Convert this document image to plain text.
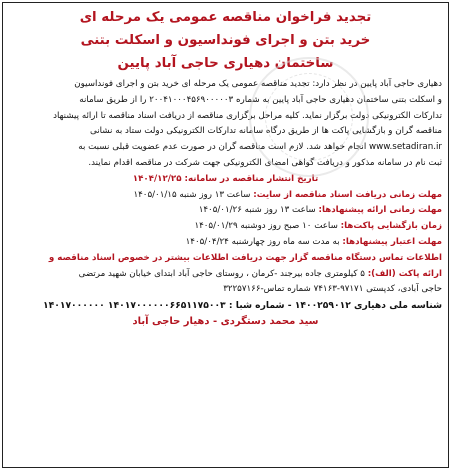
تجدید فراخوان مناقصه عمومی یک مرحله ای
خرید بتن و اجرای فونداسیون و اسکلت بتنی
ساختمان دهیاری حاجی آباد پایین
دهیاری حاجی آباد پایین در نظر دارد: تجدید مناقصه عمومی یک مرحله ای خرید بتن و اجرای فونداسیون
و اسکلت بتنی ساختمان دهیاری حاجی آباد پایین به شماره ۲۰۰۴۱۰۰۰۴۵۶۹۰۰۰۰۰۳ را از طریق سامانه
تدارکات الکترونیکی دولت برگزار نماید. کلیه مراحل برگزاری مناقصه از دریافت اسناد مناقصه تا ارائه پیشنهاد
مناقصه گران و بازگشایی پاکت ها از طریق درگاه سامانه تدارکات الکترونیکی دولت ستاد به نشانی
www.setadiran.ir انجام خواهد شد. لازم است مناقصه گران در صورت عدم عضویت قبلی نسبت به
ثبت نام در سامانه مذکور و دریافت گواهی امضای الکترونیکی جهت شرکت در مناقصه اقدام نمایند.
تاریخ انتشار مناقصه در سامانه: ۱۴۰۴/۱۲/۲۵
مهلت زمانی دریافت اسناد مناقصه از سایت: ساعت ۱۳ روز شنبه ۱۴۰۵/۰۱/۱۵
مهلت زمانی ارائه پیشنهادها: ساعت ۱۳ روز شنبه ۱۴۰۵/۰۱/۲۶
زمان بازگشایی پاکت‌ها: ساعت ۱۰ صبح روز دوشنبه ۱۴۰۵/۰۱/۲۹
مهلت اعتبار پیشنهادها: به مدت سه ماه روز چهارشنبه ۱۴۰۵/۰۴/۲۴
اطلاعات تماس دستگاه مناقصه گزار جهت دریافت اطلاعات بیشتر در خصوص اسناد مناقصه و
ارائه پاکت (الف): ۵ کیلومتری جاده بیرجند -کرمان ، روستای حاجی آباد ابتدای خیابان شهید مرتضی
حاجی آبادی، کدپستی ۹۷۱۷۱-۷۴۱۶۳ شماره تماس-۳۲۲۵۷۱۶۶
شناسه ملی دهیاری ۱۴۰۰۲۵۹۰۱۲ - شماره شبا : ۱۴۰۱۷۰۰۰۰۰۰۶۶۵۱۱۷۵۰۰۳ ۱۴۰۱۷۰۰۰۰۰۰
سید محمد دستگردی - دهیار حاجی آباد
